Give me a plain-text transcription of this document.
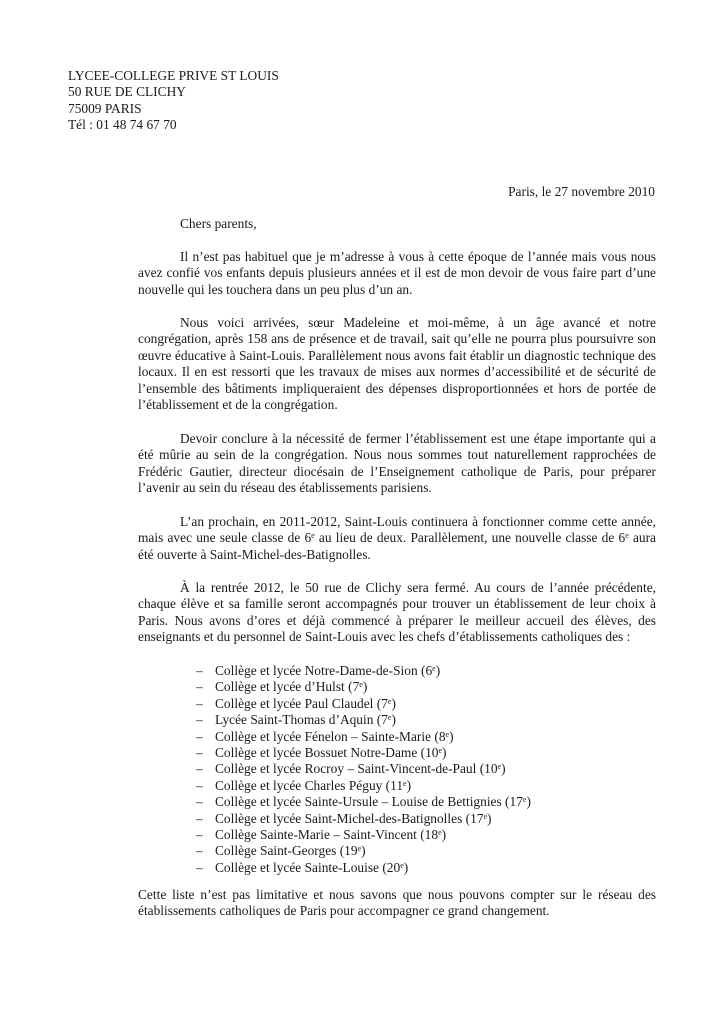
LYCEE-COLLEGE PRIVE ST LOUIS
50 RUE DE CLICHY
75009 PARIS
Tél : 01 48 74 67 70
Paris, le 27 novembre 2010
Chers parents,

Il n’est pas habituel que je m’adresse à vous à cette époque de l’année mais vous nous avez confié vos enfants depuis plusieurs années et il est de mon devoir de vous faire part d’une nouvelle qui les touchera dans un peu plus d’un an.

Nous voici arrivées, sœur Madeleine et moi-même, à un âge avancé et notre congrégation, après 158 ans de présence et de travail, sait qu’elle ne pourra plus poursuivre son œuvre éducative à Saint-Louis. Parallèlement nous avons fait établir un diagnostic technique des locaux. Il en est ressorti que les travaux de mises aux normes d’accessibilité et de sécurité de l’ensemble des bâtiments impliqueraient des dépenses disproportionnées et hors de portée de l’établissement et de la congrégation.

Devoir conclure à la nécessité de fermer l’établissement est une étape importante qui a été mûrie au sein de la congrégation. Nous nous sommes tout naturellement rapprochées de Frédéric Gautier, directeur diocésain de l’Enseignement catholique de Paris, pour préparer l’avenir au sein du réseau des établissements parisiens.

L’an prochain, en 2011-2012, Saint-Louis continuera à fonctionner comme cette année, mais avec une seule classe de 6e au lieu de deux. Parallèlement, une nouvelle classe de 6e aura été ouverte à Saint-Michel-des-Batignolles.

À la rentrée 2012, le 50 rue de Clichy sera fermé. Au cours de l’année précédente, chaque élève et sa famille seront accompagnés pour trouver un établissement de leur choix à Paris. Nous avons d’ores et déjà commencé à préparer le meilleur accueil des élèves, des enseignants et du personnel de Saint-Louis avec les chefs d’établissements catholiques des :

– Collège et lycée Notre-Dame-de-Sion (6e)
– Collège et lycée d’Hulst (7e)
– Collège et lycée Paul Claudel (7e)
– Lycée Saint-Thomas d’Aquin (7e)
– Collège et lycée Fénelon – Sainte-Marie (8e)
– Collège et lycée Bossuet Notre-Dame (10e)
– Collège et lycée Rocroy – Saint-Vincent-de-Paul (10e)
– Collège et lycée Charles Péguy (11e)
– Collège et lycée Sainte-Ursule – Louise de Bettignies (17e)
– Collège et lycée Saint-Michel-des-Batignolles (17e)
– Collège Sainte-Marie – Saint-Vincent (18e)
– Collège Saint-Georges (19e)
– Collège et lycée Sainte-Louise (20e)

Cette liste n’est pas limitative et nous savons que nous pouvons compter sur le réseau des établissements catholiques de Paris pour accompagner ce grand changement.
